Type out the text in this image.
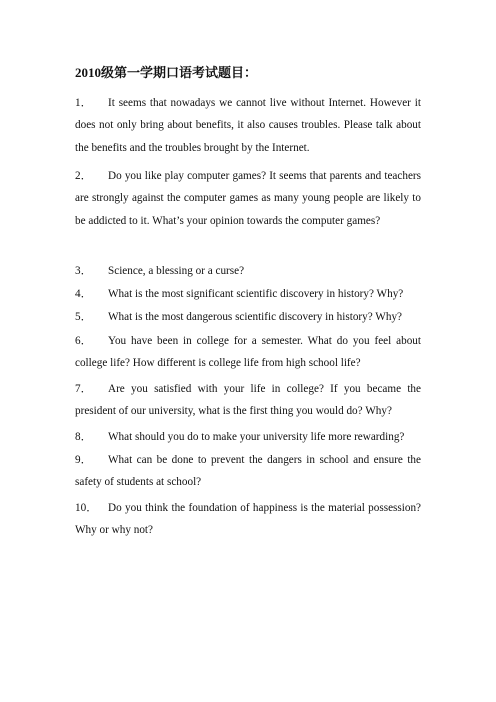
2010级第一学期口语考试题目：
1．	It seems that nowadays we cannot live without Internet. However it does not only bring about benefits, it also causes troubles. Please talk about the benefits and the troubles brought by the Internet.
2．	Do you like play computer games? It seems that parents and teachers are strongly against the computer games as many young people are likely to be addicted to it. What’s your opinion towards the computer games?
3．	Science, a blessing or a curse?
4．	What is the most significant scientific discovery in history? Why?
5．	What is the most dangerous scientific discovery in history? Why?
6．	You have been in college for a semester. What do you feel about college life? How different is college life from high school life?
7．	Are you satisfied with your life in college? If you became the president of our university, what is the first thing you would do? Why?
8．	What should you do to make your university life more rewarding?
9．	What can be done to prevent the dangers in school and ensure the safety of students at school?
10． Do you think the foundation of happiness is the material possession? Why or why not?
